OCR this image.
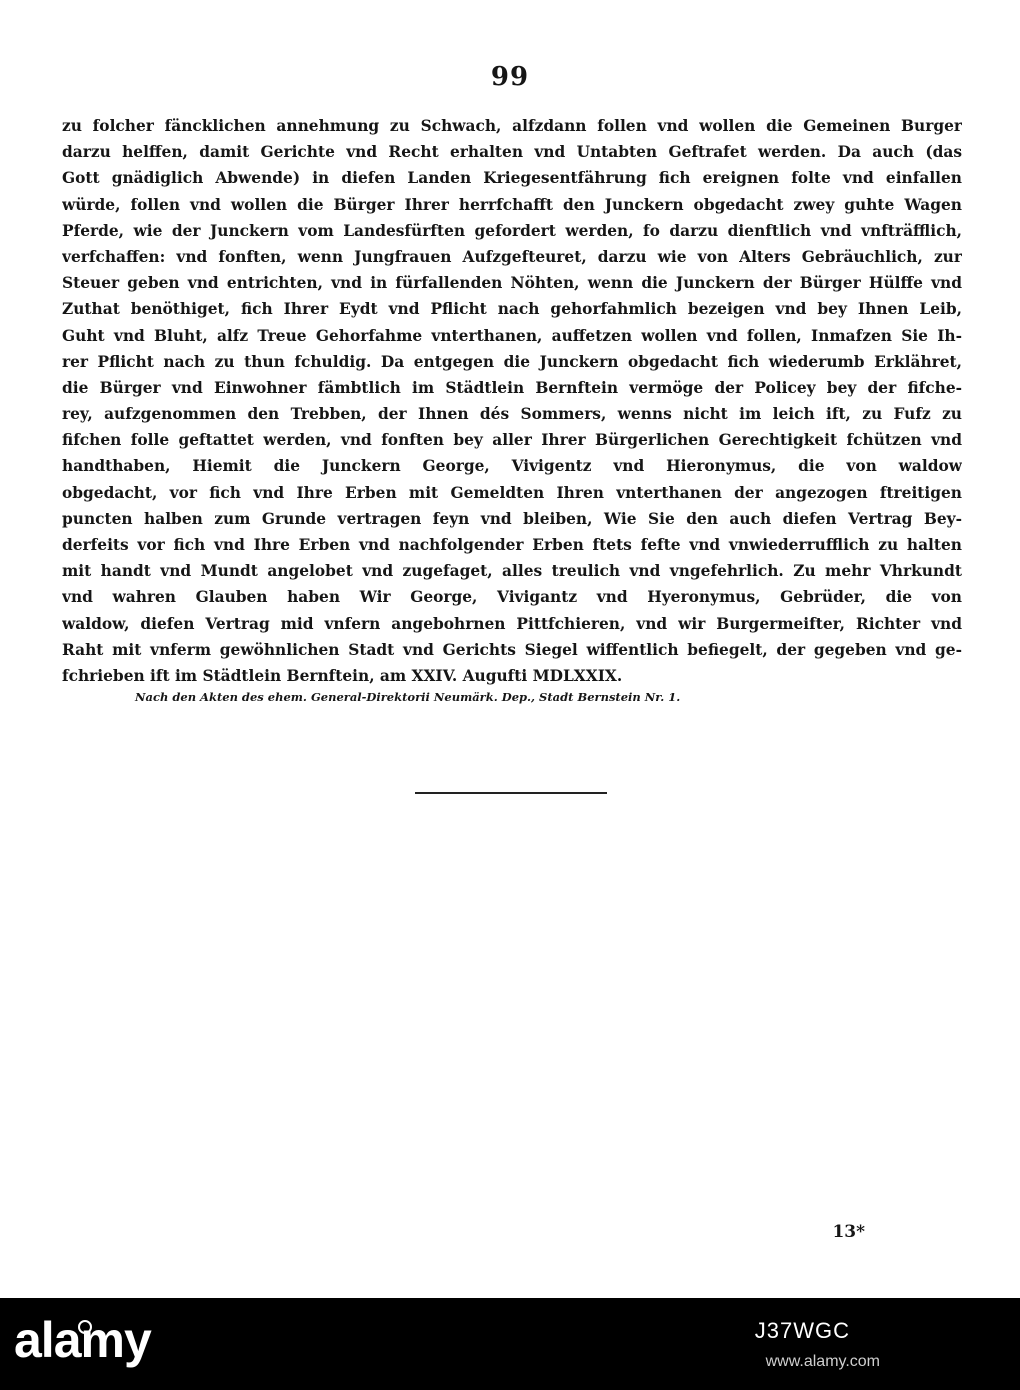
99
zu folcher fäncklichen annehmung zu Schwach, alfzdann follen vnd wollen die Gemeinen Burger
darzu helffen, damit Gerichte vnd Recht erhalten vnd Untabten Geftrafet werden. Da auch (das
Gott gnädiglich Abwende) in diefen Landen Kriegesentfährung fich ereignen folte vnd einfallen
würde, follen vnd wollen die Bürger Ihrer herrfchafft den Junckern obgedacht zwey guhte Wagen
Pferde, wie der Junckern vom Landesfürften gefordert werden, fo darzu dienftlich vnd vnfträfflich,
verfchaffen: vnd fonften, wenn Jungfrauen Aufzgefteuret, darzu wie von Alters Gebräuchlich, zur
Steuer geben vnd entrichten, vnd in fürfallenden Nöhten, wenn die Junckern der Bürger Hülffe vnd
Zuthat benöthiget, fich Ihrer Eydt vnd Pflicht nach gehorfahmlich bezeigen vnd bey Ihnen Leib,
Guht vnd Bluht, alfz Treue Gehorfahme vnterthanen, auffetzen wollen vnd follen, Inmafzen Sie Ih-
rer Pflicht nach zu thun fchuldig. Da entgegen die Junckern obgedacht fich wiederumb Erklähret,
die Bürger vnd Einwohner fämbtlich im Städtlein Bernftein vermöge der Policey bey der fifche-
rey, aufzgenommen den Trebben, der Ihnen dés Sommers, wenns nicht im leich ift, zu Fufz zu
fifchen folle geftattet werden, vnd fonften bey aller Ihrer Bürgerlichen Gerechtigkeit fchützen vnd
handthaben, Hiemit die Junckern George, Vivigentz vnd Hieronymus, die von waldow
obgedacht, vor fich vnd Ihre Erben mit Gemeldten Ihren vnterthanen der angezogen ftreitigen
puncten halben zum Grunde vertragen feyn vnd bleiben, Wie Sie den auch diefen Vertrag Bey-
derfeits vor fich vnd Ihre Erben vnd nachfolgender Erben ftets fefte vnd vnwiederrufflich zu halten
mit handt vnd Mundt angelobet vnd zugefaget, alles treulich vnd vngefehrlich. Zu mehr Vhrkundt
vnd wahren Glauben haben Wir George, Vivigantz vnd Hyeronymus, Gebrüder, die von
waldow, diefen Vertrag mid vnfern angebohrnen Pittfchieren, vnd wir Burgermeifter, Richter vnd
Raht mit vnferm gewöhnlichen Stadt vnd Gerichts Siegel wiffentlich befiegelt, der gegeben vnd ge-
fchrieben ift im Städtlein Bernftein, am XXIV. Augufti MDLXXIX.
Nach den Akten des ehem. General-Direktorii Neumärk. Dep., Stadt Bernstein Nr. 1.
13*
alamy	J37WGC
www.alamy.com
